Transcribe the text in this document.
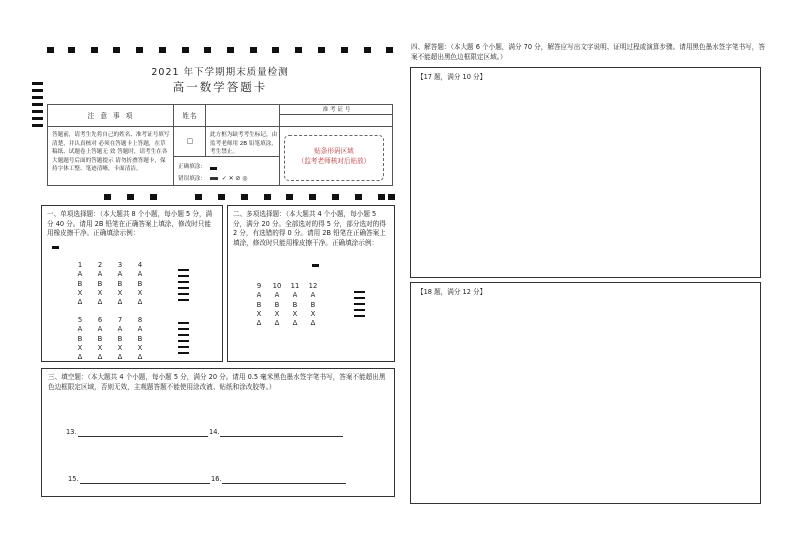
2021 年下学期期末质量检测
高一数学答题卡
注 意 事 项	姓名
准 考 证 号
答题前，请考生先将自己的姓名、准考证号填写清楚，并认真核对 必须在答题卡上答题，在草稿纸、试题卷上答题无 效 答题时，请考生在各大题题号后面的答题提示 请勿折叠答题卡，保持字体工整、笔迹清晰，卡面清洁。
□
此方框为缺考考生标记，由监考老师用 2B 铅笔填涂，考生禁止。
正确填涂：
错误填涂：	✓ ✕ ⊘ ◎
贴条形码区域
（监考老师核对后贴放）
一、单项选择题：（本大题共 8 个小题，每小题 5 分，满分 40 分。请用 2B 铅笔在正确答案上填涂，修改时只能用橡皮擦干净。正确填涂示例：
1
A
B
X
Δ
2
A
B
X
Δ
3
A
B
X
Δ
4
A
B
X
Δ
5
A
B
X
Δ
6
A
B
X
Δ
7
A
B
X
Δ
8
A
B
X
Δ
二、多项选择题：（本大题共 4 个小题，每小题 5 分，满分 20 分。全部选对的得 5 分，部分选对的得 2 分，有选错的得 0 分。请用 2B 铅笔在正确答案上填涂，修改时只能用橡皮擦干净。正确填涂示例：
9
A
B
X
Δ
10
A
B
X
Δ
11
A
B
X
Δ
12
A
B
X
Δ
三、填空题：（本大题共 4 个小题，每小题 5 分，满分 20 分。请用 0.5 毫米黑色墨水签字笔书写，答案不能超出黑色边框限定区域，否则无效，主观题答题不能使用涂改液、贴纸和涂改胶等。）
13.	14.
15.	16.
四、解答题：（本大题 6 个小题，满分 70 分，解答应写出文字说明、证明过程或演算步骤。请用黑色墨水签字笔书写，答案不能超出黑色边框限定区域。）
【17 题，满分 10 分】
【18 题，满分 12 分】
